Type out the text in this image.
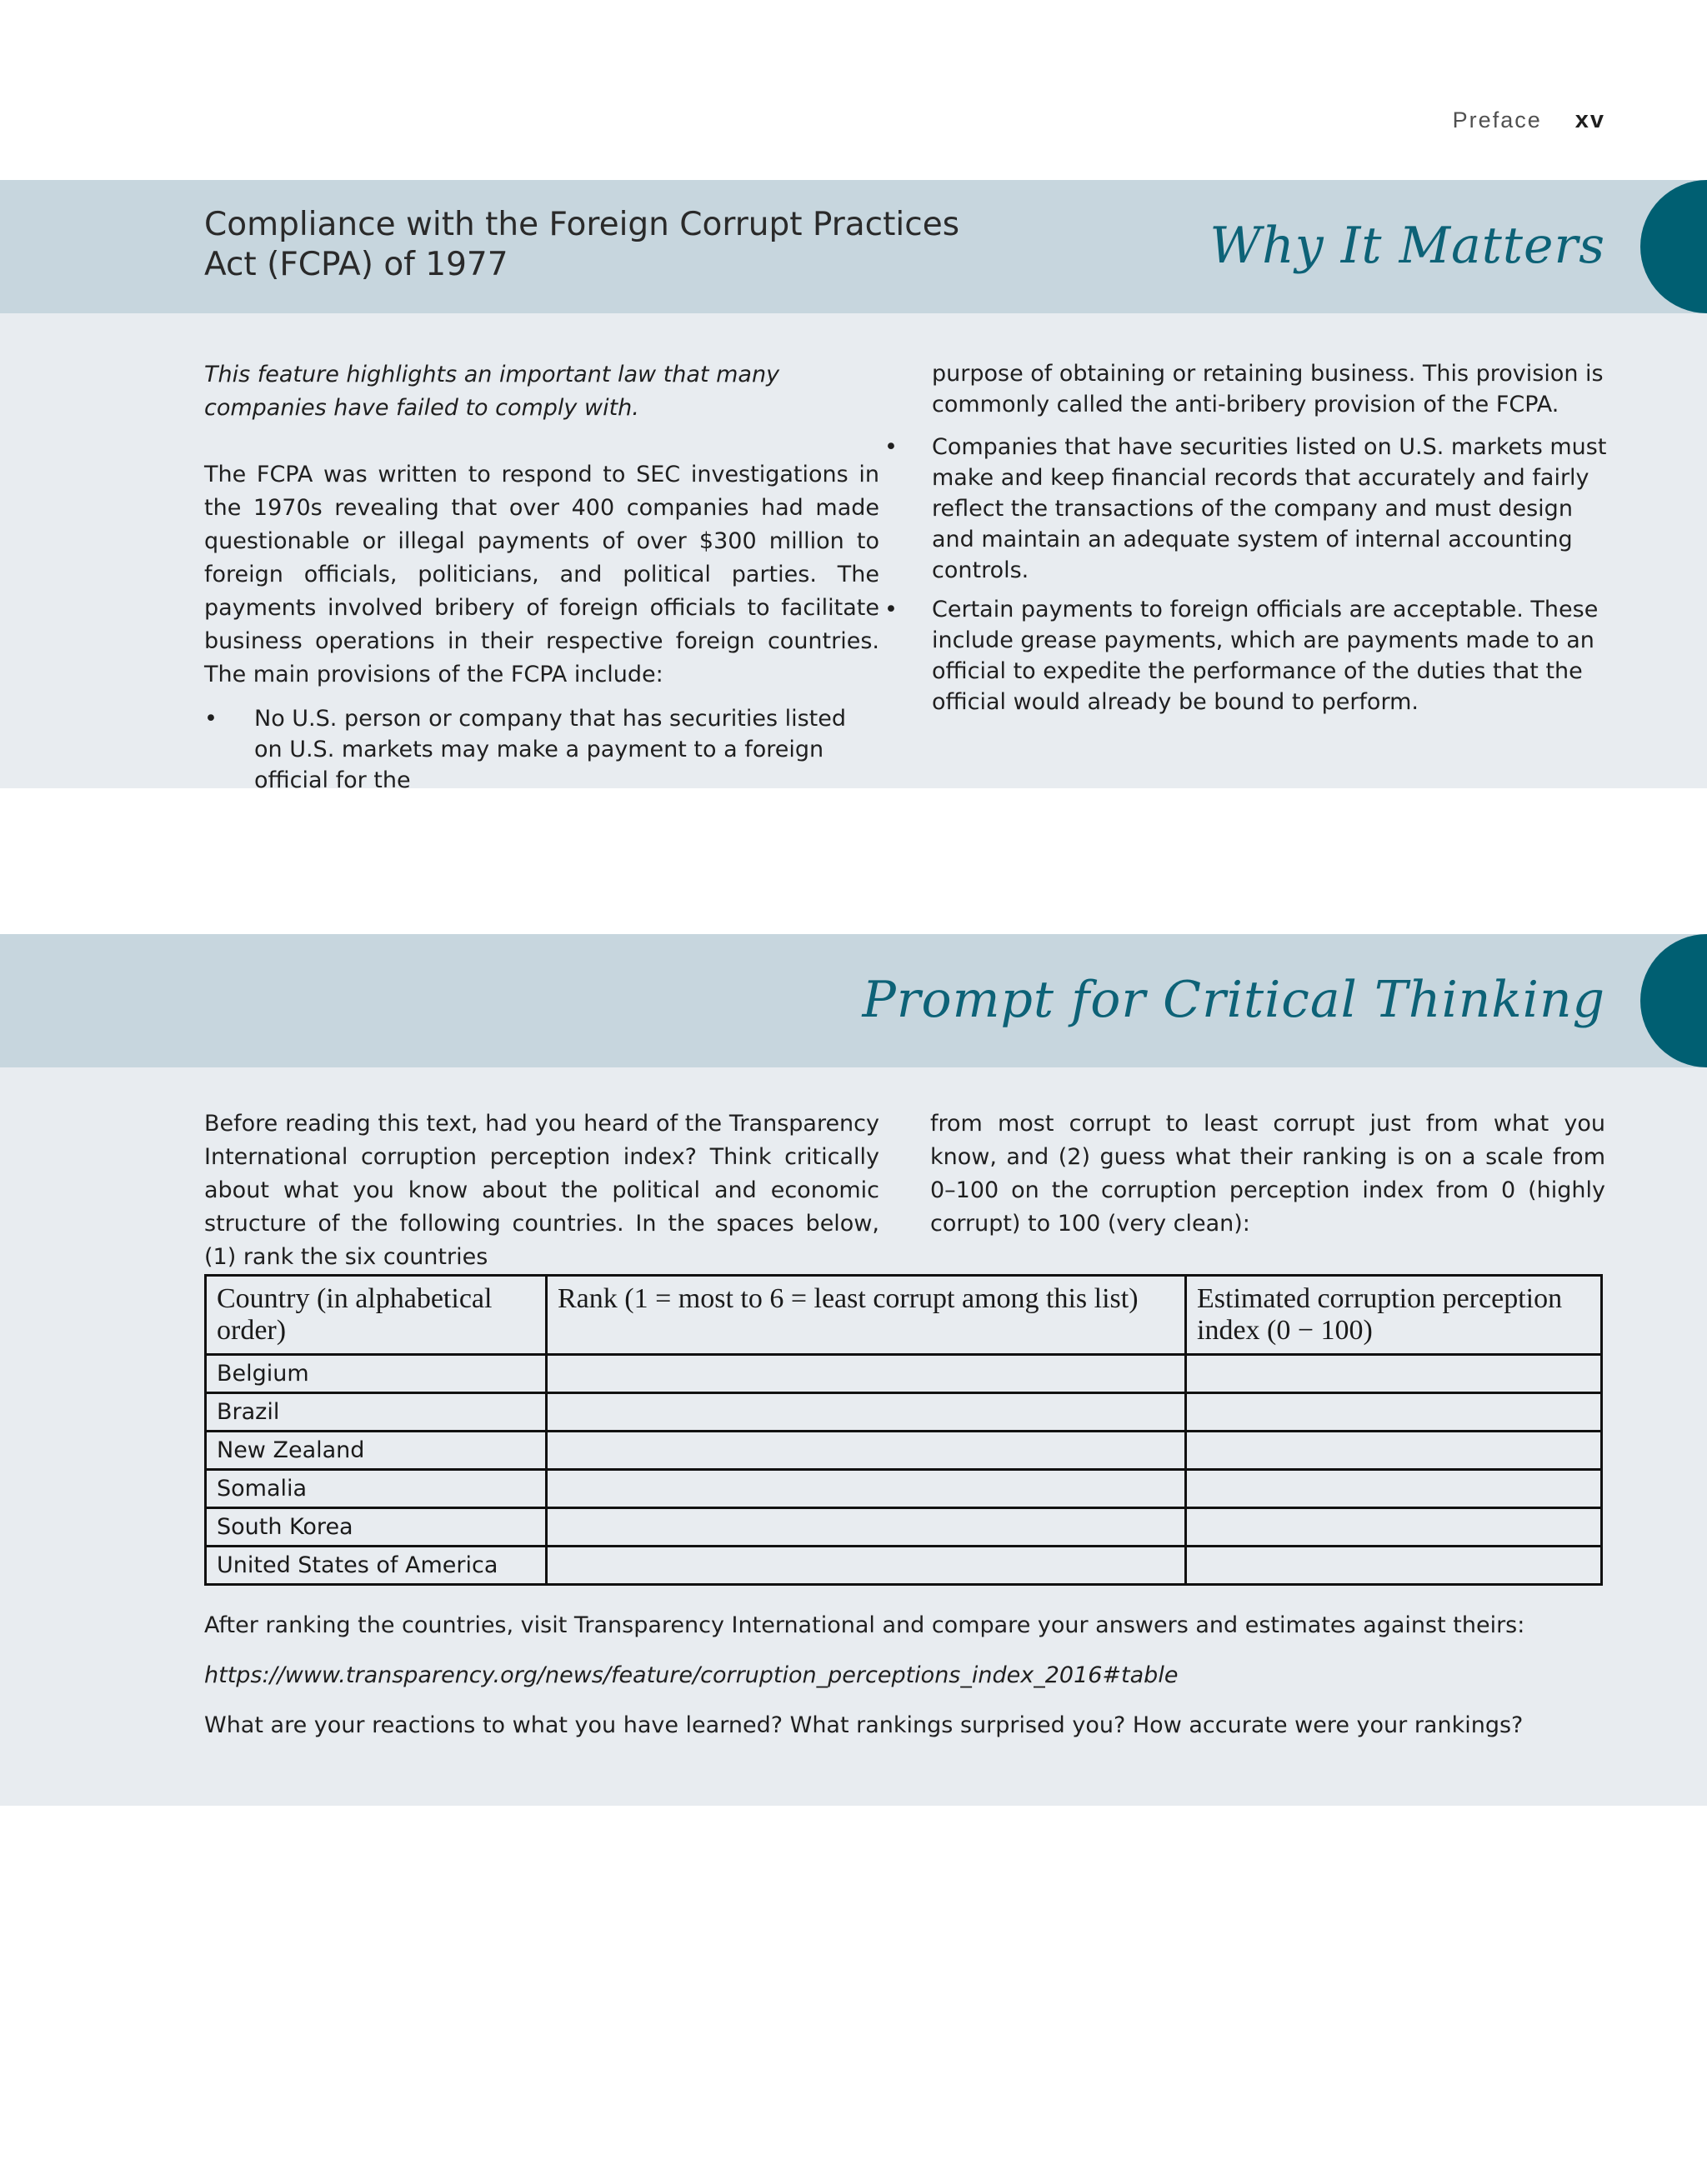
Preface xv
Compliance with the Foreign Corrupt Practices
Act (FCPA) of 1977	Why It Matters

This feature highlights an important law that many companies have failed to comply with.

The FCPA was written to respond to SEC investigations in the 1970s revealing that over 400 companies had made questionable or illegal payments of over $300 million to foreign officials, politicians, and political parties. The payments involved bribery of foreign officials to facilitate business operations in their respective foreign countries. The main provisions of the FCPA include:

• No U.S. person or company that has securities listed on U.S. markets may make a payment to a foreign official for the

purpose of obtaining or retaining business. This provision is commonly called the anti-bribery provision of the FCPA.

• Companies that have securities listed on U.S. markets must make and keep financial records that accurately and fairly reflect the transactions of the company and must design and maintain an adequate system of internal accounting controls.
• Certain payments to foreign officials are acceptable. These include grease payments, which are payments made to an official to expedite the performance of the duties that the official would already be bound to perform.
Prompt for Critical Thinking

Before reading this text, had you heard of the Transparency International corruption perception index? Think critically about what you know about the political and economic structure of the following countries. In the spaces below, (1) rank the six countries

from most corrupt to least corrupt just from what you know, and (2) guess what their ranking is on a scale from 0–100 on the corruption perception index from 0 (highly corrupt) to 100 (very clean):

Country (in alphabetical order)	Rank (1 = most to 6 = least corrupt among this list)	Estimated corruption perception index (0 − 100)
Belgium		
Brazil		
New Zealand		
Somalia		
South Korea		
United States of America		

After ranking the countries, visit Transparency International and compare your answers and estimates against theirs:

https://www.transparency.org/news/feature/corruption_perceptions_index_2016#table

What are your reactions to what you have learned? What rankings surprised you? How accurate were your rankings?
